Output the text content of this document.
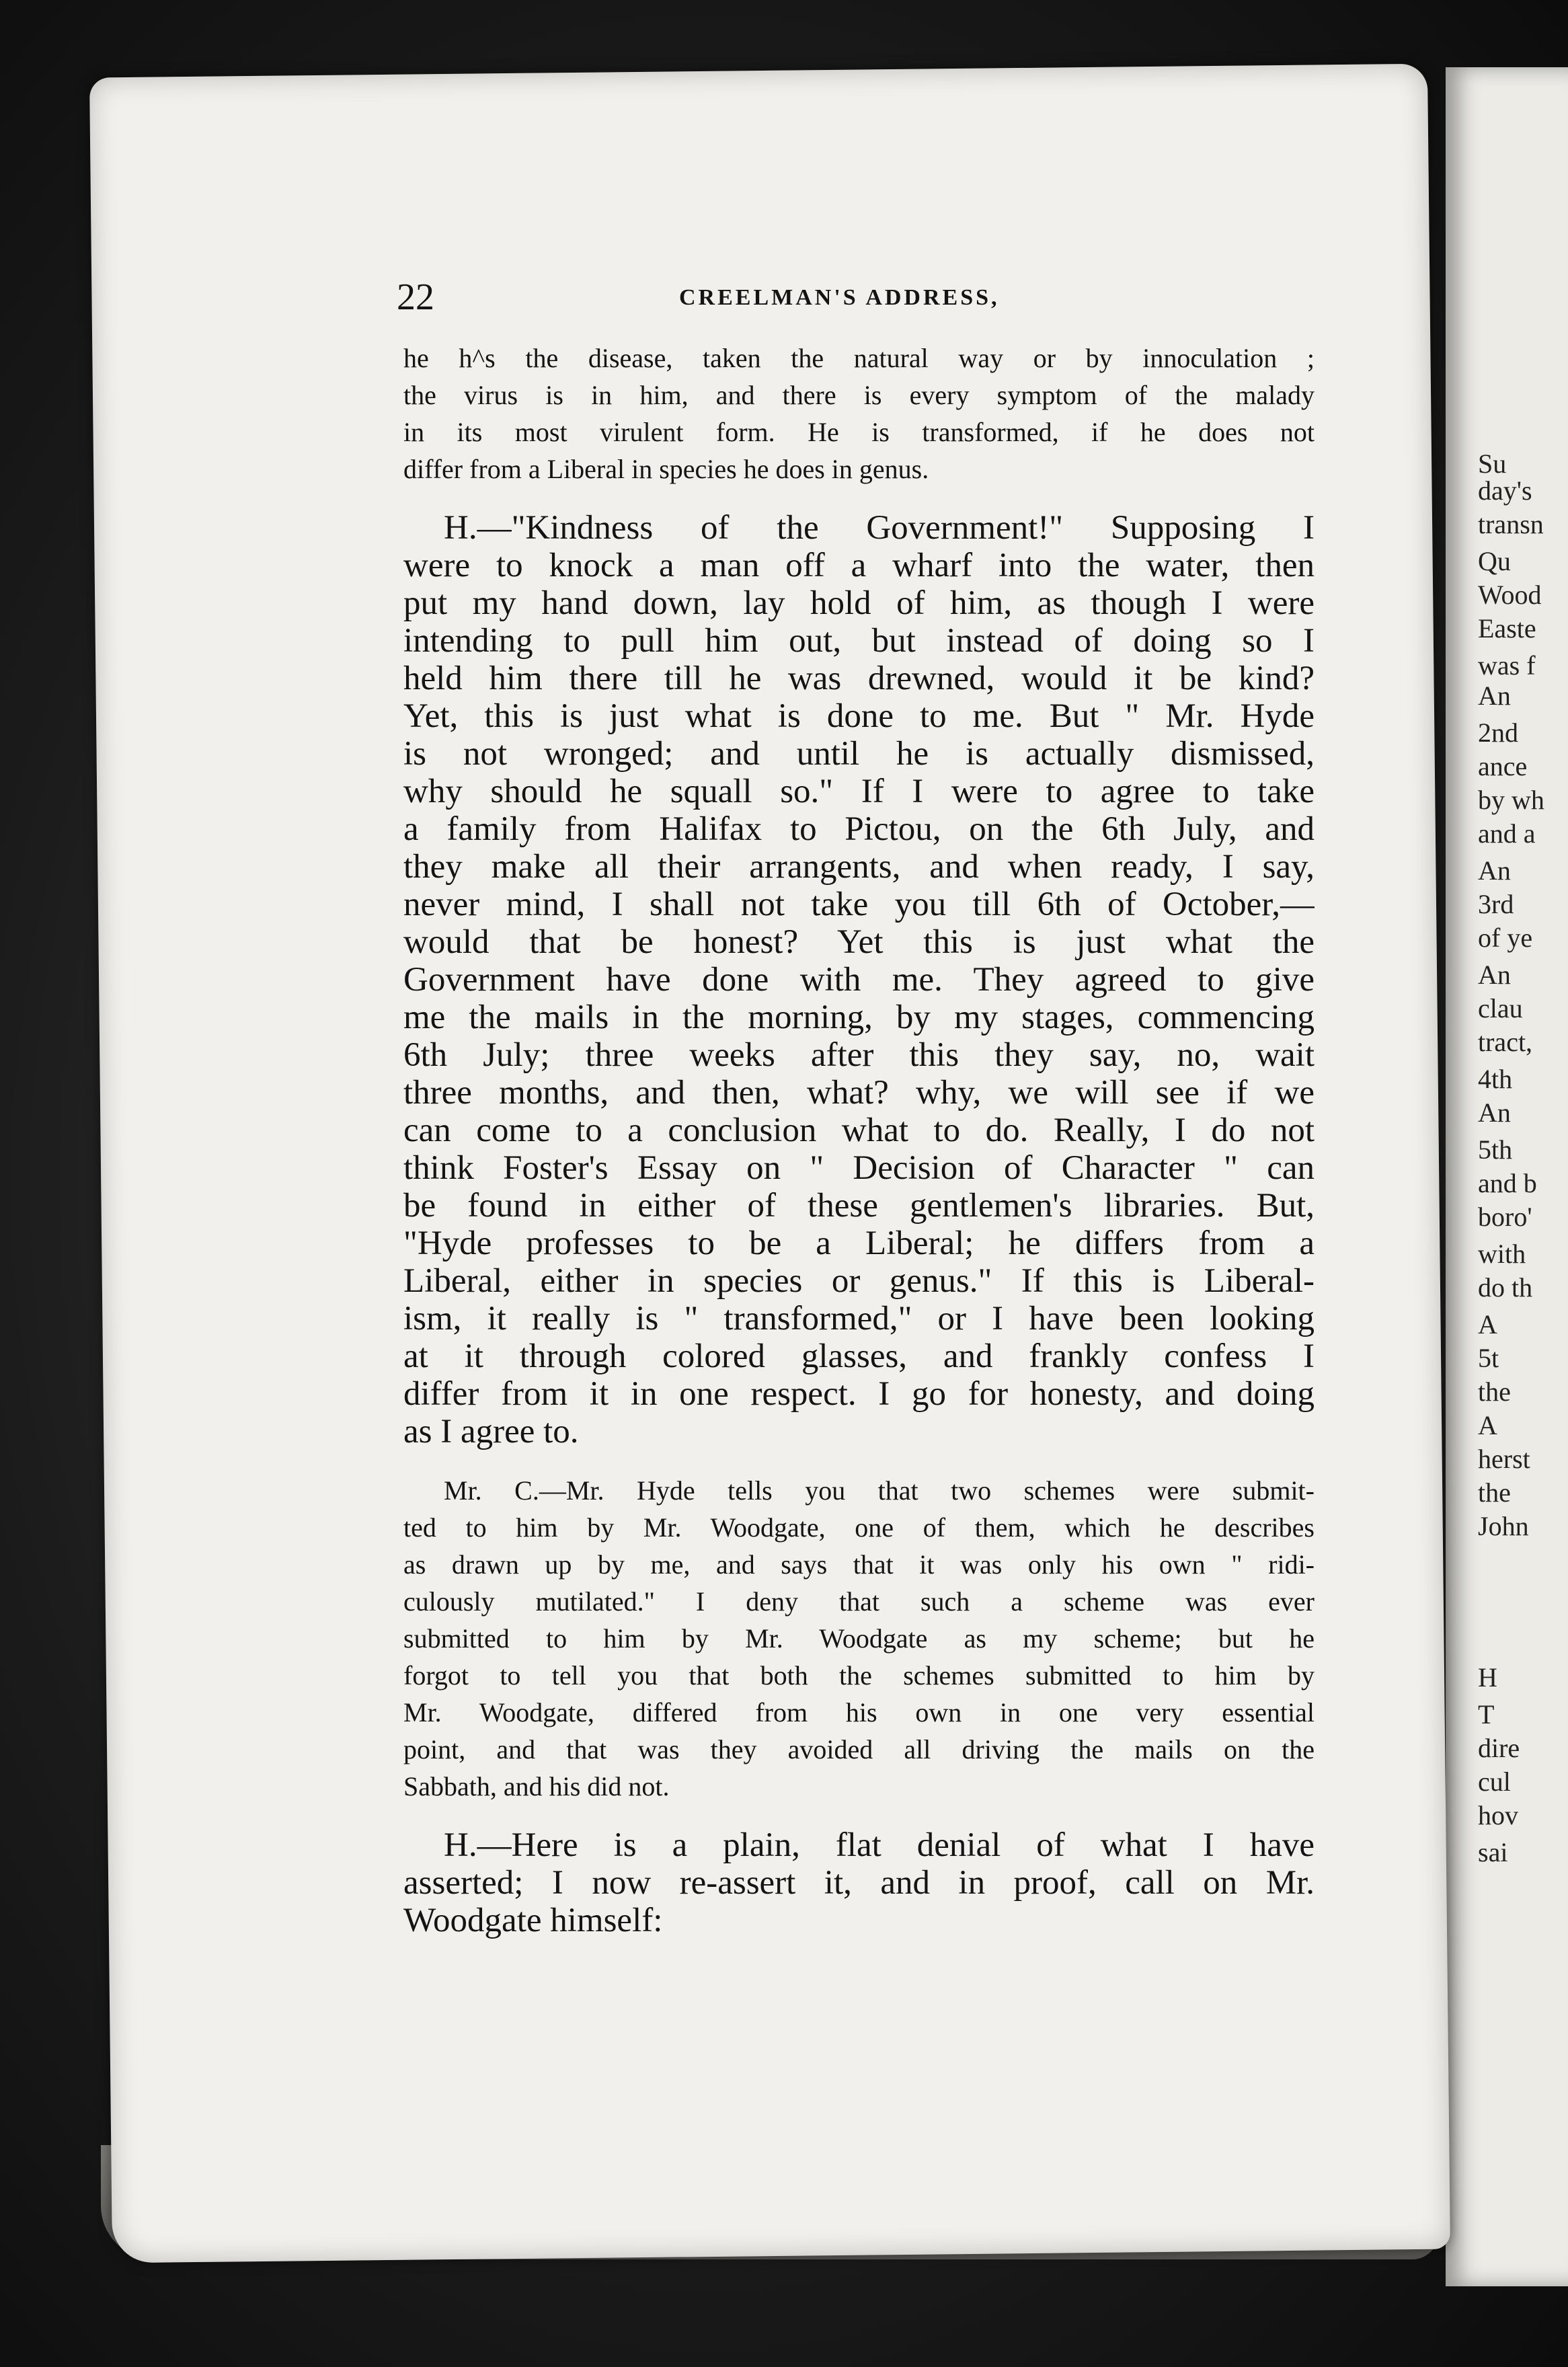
Su
day's
transn
Qu
Wood
Easte
was f
An
2nd
ance
by wh
and a
An
3rd
of ye
An
clau
tract,
4th
An
5th
and b
boro'
with
do th
A
5t
the
A
herst
the
John
H
T
dire
cul
hov
sai
22	CREELMAN'S ADDRESS,
he h^s the disease, taken the natural way or by innoculation ;
the virus is in him, and there is every symptom of the malady
in its most virulent form. He is transformed, if he does not
differ from a Liberal in species he does in genus.
H.—"Kindness of the Government!" Supposing I
were to knock a man off a wharf into the water, then
put my hand down, lay hold of him, as though I were
intending to pull him out, but instead of doing so I
held him there till he was drewned, would it be kind?
Yet, this is just what is done to me. But " Mr. Hyde
is not wronged; and until he is actually dismissed,
why should he squall so." If I were to agree to take
a family from Halifax to Pictou, on the 6th July, and
they make all their arrangents, and when ready, I say,
never mind, I shall not take you till 6th of October,—
would that be honest? Yet this is just what the
Government have done with me. They agreed to give
me the mails in the morning, by my stages, commencing
6th July; three weeks after this they say, no, wait
three months, and then, what? why, we will see if we
can come to a conclusion what to do. Really, I do not
think Foster's Essay on " Decision of Character " can
be found in either of these gentlemen's libraries. But,
"Hyde professes to be a Liberal; he differs from a
Liberal, either in species or genus." If this is Liberal-
ism, it really is " transformed," or I have been looking
at it through colored glasses, and frankly confess I
differ from it in one respect. I go for honesty, and doing
as I agree to.
Mr. C.—Mr. Hyde tells you that two schemes were submit-
ted to him by Mr. Woodgate, one of them, which he describes
as drawn up by me, and says that it was only his own " ridi-
culously mutilated." I deny that such a scheme was ever
submitted to him by Mr. Woodgate as my scheme; but he
forgot to tell you that both the schemes submitted to him by
Mr. Woodgate, differed from his own in one very essential
point, and that was they avoided all driving the mails on the
Sabbath, and his did not.
H.—Here is a plain, flat denial of what I have
asserted; I now re-assert it, and in proof, call on Mr.
Woodgate himself:
